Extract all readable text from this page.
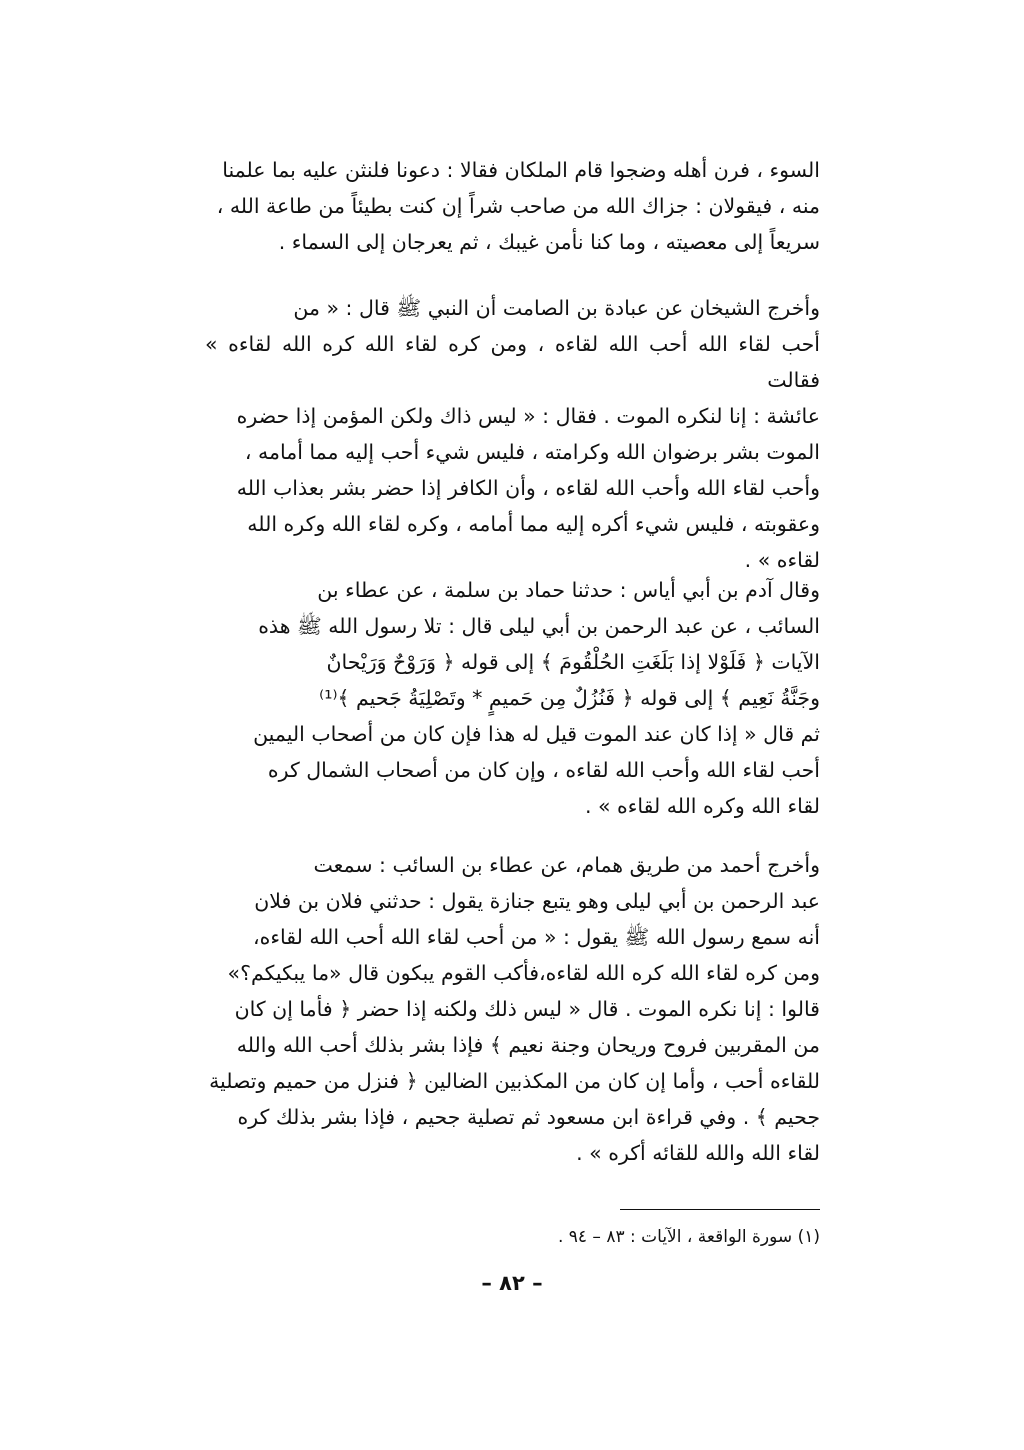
السوء ، فرن أهله وضجوا قام الملكان فقالا : دعونا فلنثن عليه بما علمنا
منه ، فيقولان : جزاك الله من صاحب شراً إن كنت بطيئاً من طاعة الله ،
سريعاً إلى معصيته ، وما كنا نأمن غيبك ، ثم يعرجان إلى السماء .

وأخرج الشيخان عن عبادة بن الصامت أن النبي ﷺ قال : « من
أحب لقاء الله أحب الله لقاءه ، ومن كره لقاء الله كره الله لقاءه » فقالت
عائشة : إنا لنكره الموت . فقال : « ليس ذاك ولكن المؤمن إذا حضره
الموت بشر برضوان الله وكرامته ، فليس شيء أحب إليه مما أمامه ،
وأحب لقاء الله وأحب الله لقاءه ، وأن الكافر إذا حضر بشر بعذاب الله
وعقوبته ، فليس شيء أكره إليه مما أمامه ، وكره لقاء الله وكره الله
لقاءه » .

وقال آدم بن أبي أياس : حدثنا حماد بن سلمة ، عن عطاء بن
السائب ، عن عبد الرحمن بن أبي ليلى قال : تلا رسول الله ﷺ هذه
الآيات ﴿ فَلَوْلا إذا بَلَغَتِ الحُلْقُومَ ﴾ إلى قوله ﴿ وَرَوْحٌ وَرَيْحانٌ
وجَنَّةُ نَعِيم ﴾ إلى قوله ﴿ فَنُزُلٌ مِن حَميمٍ * وتَصْلِيَةُ جَحيم ﴾⁽¹⁾
ثم قال « إذا كان عند الموت قيل له هذا فإن كان من أصحاب اليمين
أحب لقاء الله وأحب الله لقاءه ، وإن كان من أصحاب الشمال كره
لقاء الله وكره الله لقاءه » .

وأخرج أحمد من طريق همام، عن عطاء بن السائب : سمعت
عبد الرحمن بن أبي ليلى وهو يتبع جنازة يقول : حدثني فلان بن فلان
أنه سمع رسول الله ﷺ يقول : « من أحب لقاء الله أحب الله لقاءه،
ومن كره لقاء الله كره الله لقاءه،فأكب القوم يبكون قال «ما يبكيكم؟»
قالوا : إنا نكره الموت . قال « ليس ذلك ولكنه إذا حضر ﴿ فأما إن كان
من المقربين فروح وريحان وجنة نعيم ﴾ فإذا بشر بذلك أحب الله والله
للقاءه أحب ، وأما إن كان من المكذبين الضالين ﴿ فنزل من حميم وتصلية
جحيم ﴾ . وفي قراءة ابن مسعود ثم تصلية جحيم ، فإذا بشر بذلك كره
لقاء الله والله للقائه أكره » .

(١) سورة الواقعة ، الآيات : ٨٣ – ٩٤ .
– ٨٢ –
